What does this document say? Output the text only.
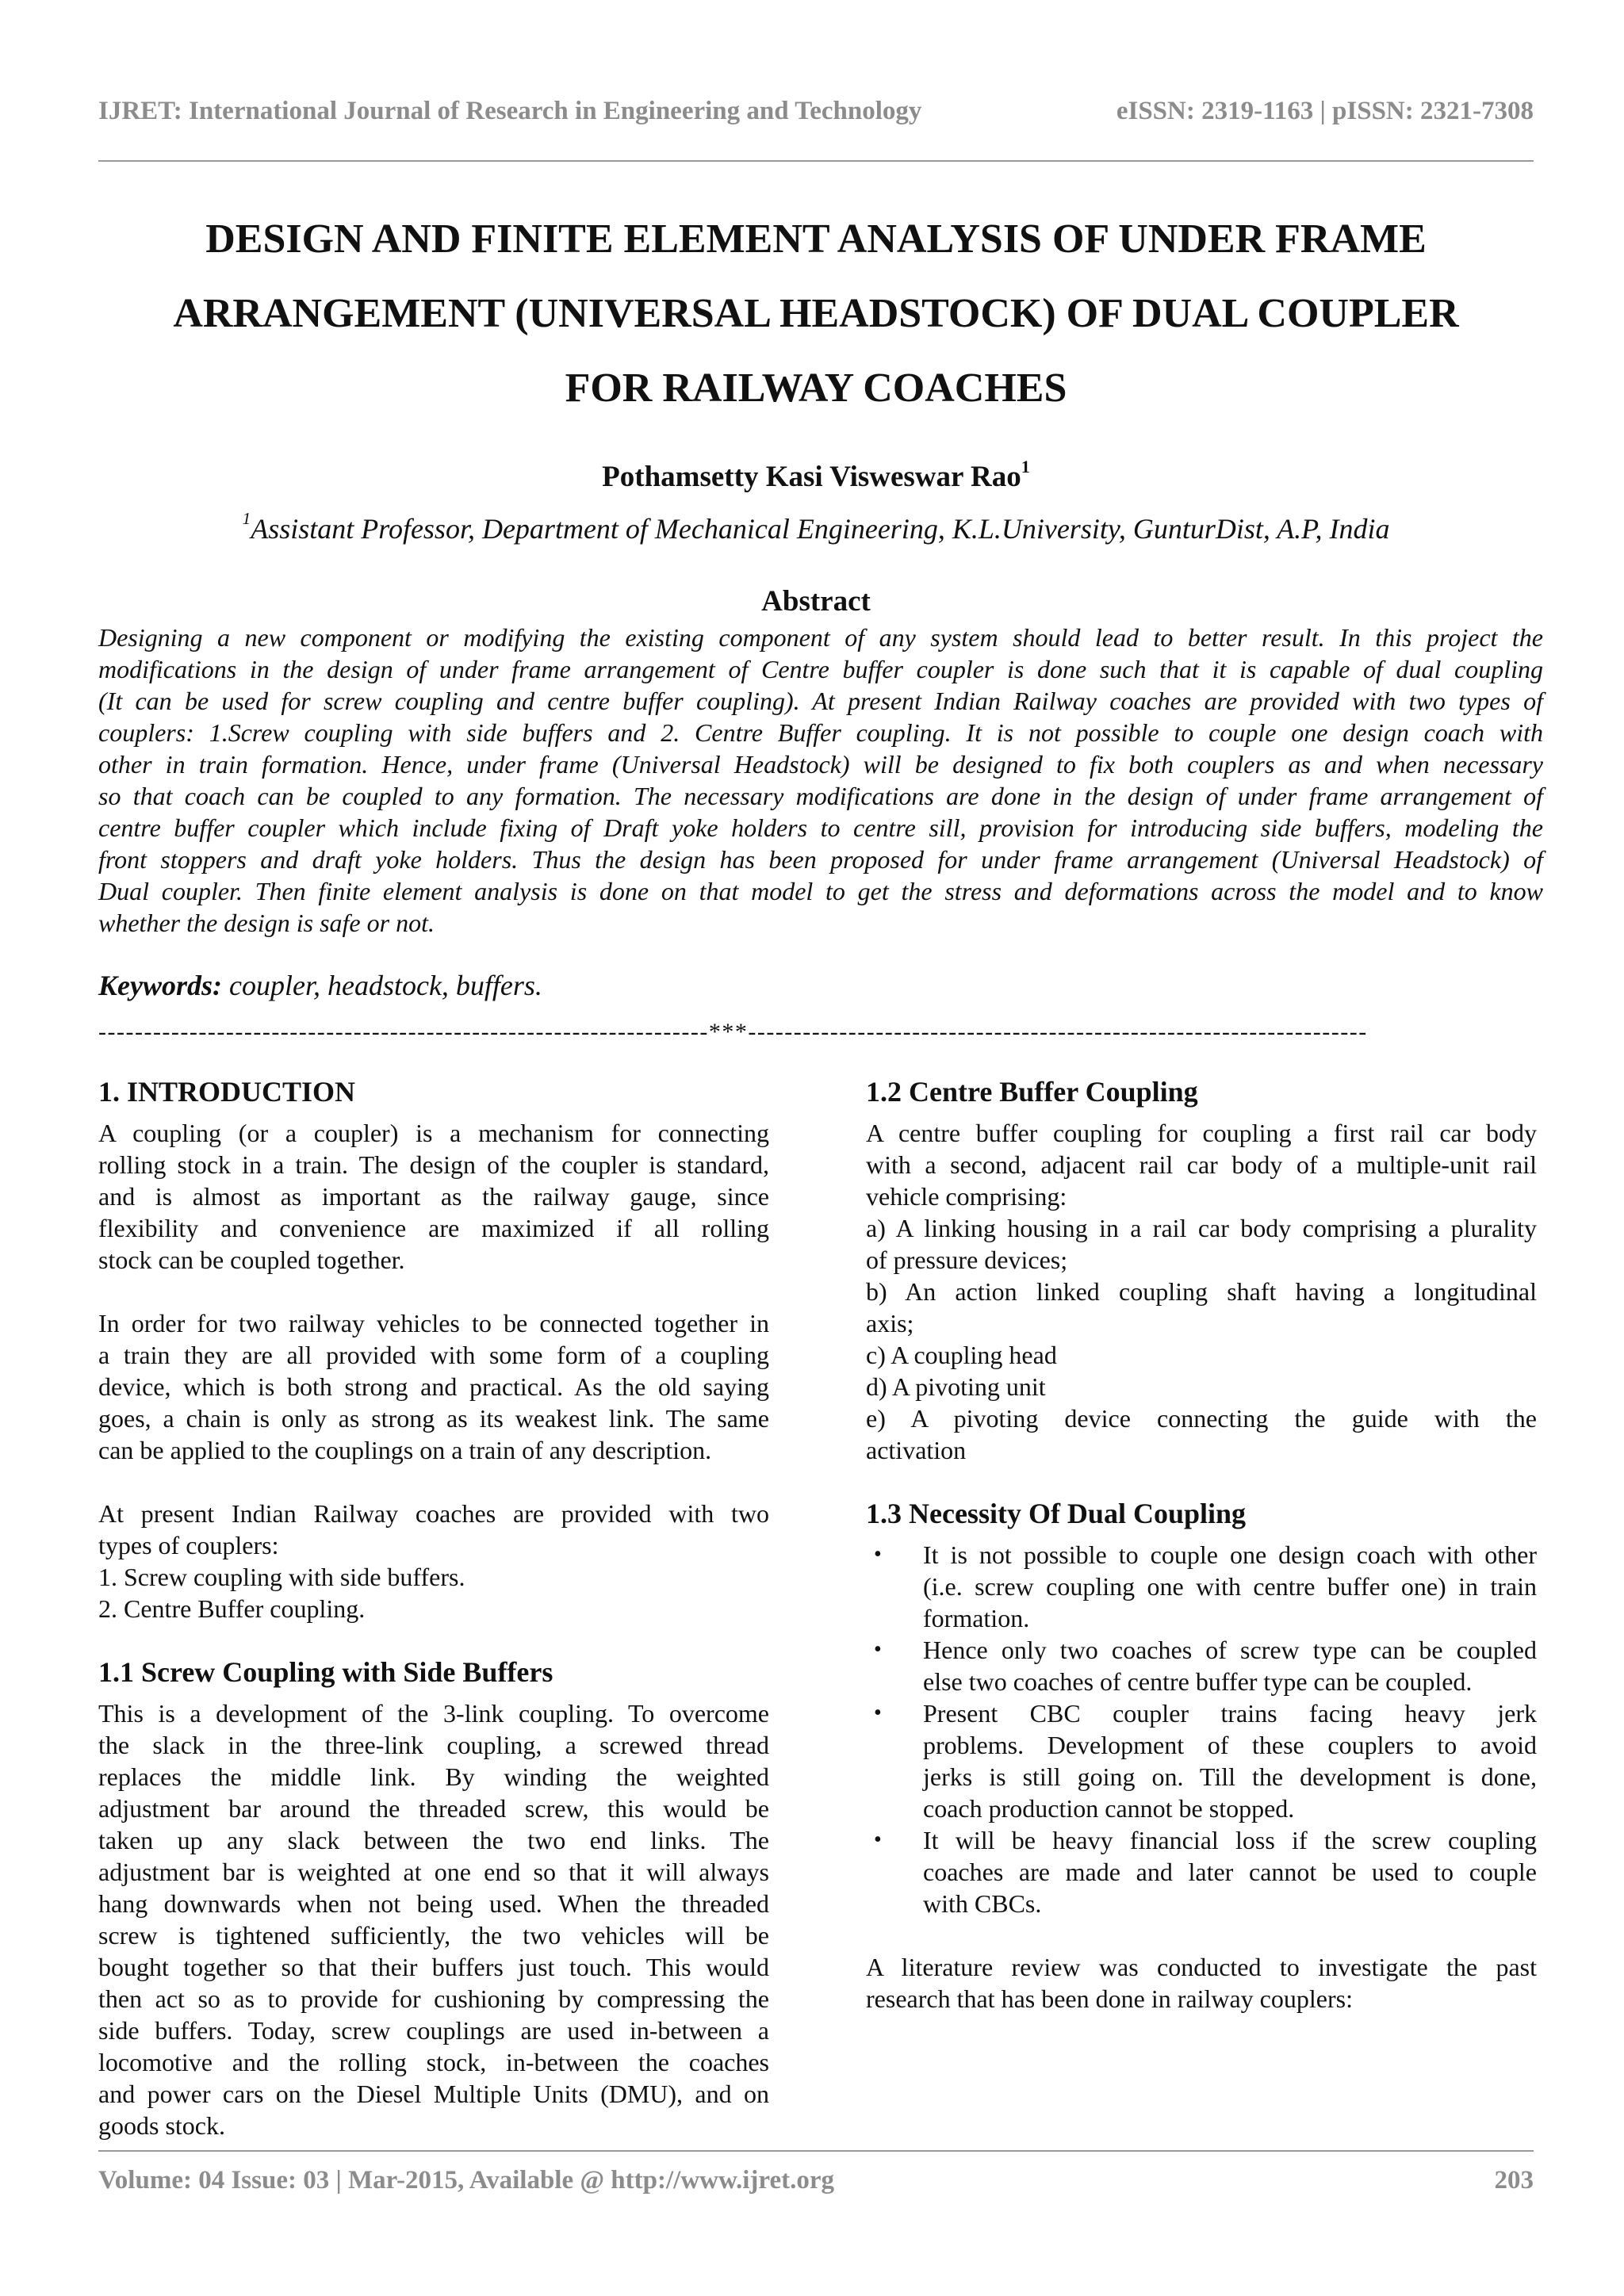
IJRET: International Journal of Research in Engineering and Technology	eISSN: 2319-1163 | pISSN: 2321-7308
DESIGN AND FINITE ELEMENT ANALYSIS OF UNDER FRAME
ARRANGEMENT (UNIVERSAL HEADSTOCK) OF DUAL COUPLER
FOR RAILWAY COACHES
Pothamsetty Kasi Visweswar Rao$^1$
$^1$Assistant Professor, Department of Mechanical Engineering, K.L.University, GunturDist, A.P, India
Abstract
Designing a new component or modifying the existing component of any system should lead to better result. In this project the
modifications in the design of under frame arrangement of Centre buffer coupler is done such that it is capable of dual coupling
(It can be used for screw coupling and centre buffer coupling). At present Indian Railway coaches are provided with two types of
couplers: 1.Screw coupling with side buffers and 2. Centre Buffer coupling. It is not possible to couple one design coach with
other in train formation. Hence, under frame (Universal Headstock) will be designed to fix both couplers as and when necessary
so that coach can be coupled to any formation. The necessary modifications are done in the design of under frame arrangement of
centre buffer coupler which include fixing of Draft yoke holders to centre sill, provision for introducing side buffers, modeling the
front stoppers and draft yoke holders. Thus the design has been proposed for under frame arrangement (Universal Headstock) of
Dual coupler. Then finite element analysis is done on that model to get the stress and deformations across the model and to know
whether the design is safe or not.
Keywords: coupler, headstock, buffers.
-------------------------------------------------------------------***--------------------------------------------------------------------
1. INTRODUCTION
A coupling (or a coupler) is a mechanism for connecting
rolling stock in a train. The design of the coupler is standard,
and is almost as important as the railway gauge, since
flexibility and convenience are maximized if all rolling
stock can be coupled together.
In order for two railway vehicles to be connected together in
a train they are all provided with some form of a coupling
device, which is both strong and practical. As the old saying
goes, a chain is only as strong as its weakest link. The same
can be applied to the couplings on a train of any description.
At present Indian Railway coaches are provided with two
types of couplers:
1. Screw coupling with side buffers.
2. Centre Buffer coupling.
1.1 Screw Coupling with Side Buffers
This is a development of the 3-link coupling. To overcome
the slack in the three-link coupling, a screwed thread
replaces the middle link. By winding the weighted
adjustment bar around the threaded screw, this would be
taken up any slack between the two end links. The
adjustment bar is weighted at one end so that it will always
hang downwards when not being used. When the threaded
screw is tightened sufficiently, the two vehicles will be
bought together so that their buffers just touch. This would
then act so as to provide for cushioning by compressing the
side buffers. Today, screw couplings are used in-between a
locomotive and the rolling stock, in-between the coaches
and power cars on the Diesel Multiple Units (DMU), and on
goods stock.
1.2 Centre Buffer Coupling
A centre buffer coupling for coupling a first rail car body
with a second, adjacent rail car body of a multiple-unit rail
vehicle comprising:
a) A linking housing in a rail car body comprising a plurality
of pressure devices;
b) An action linked coupling shaft having a longitudinal
axis;
c) A coupling head
d) A pivoting unit
e) A pivoting device connecting the guide with the
activation
1.3 Necessity Of Dual Coupling
• It is not possible to couple one design coach with other
(i.e. screw coupling one with centre buffer one) in train
formation.
• Hence only two coaches of screw type can be coupled
else two coaches of centre buffer type can be coupled.
• Present CBC coupler trains facing heavy jerk
problems. Development of these couplers to avoid
jerks is still going on. Till the development is done,
coach production cannot be stopped.
• It will be heavy financial loss if the screw coupling
coaches are made and later cannot be used to couple
with CBCs.
A literature review was conducted to investigate the past
research that has been done in railway couplers:
Volume: 04 Issue: 03 | Mar-2015, Available @ http://www.ijret.org	203
